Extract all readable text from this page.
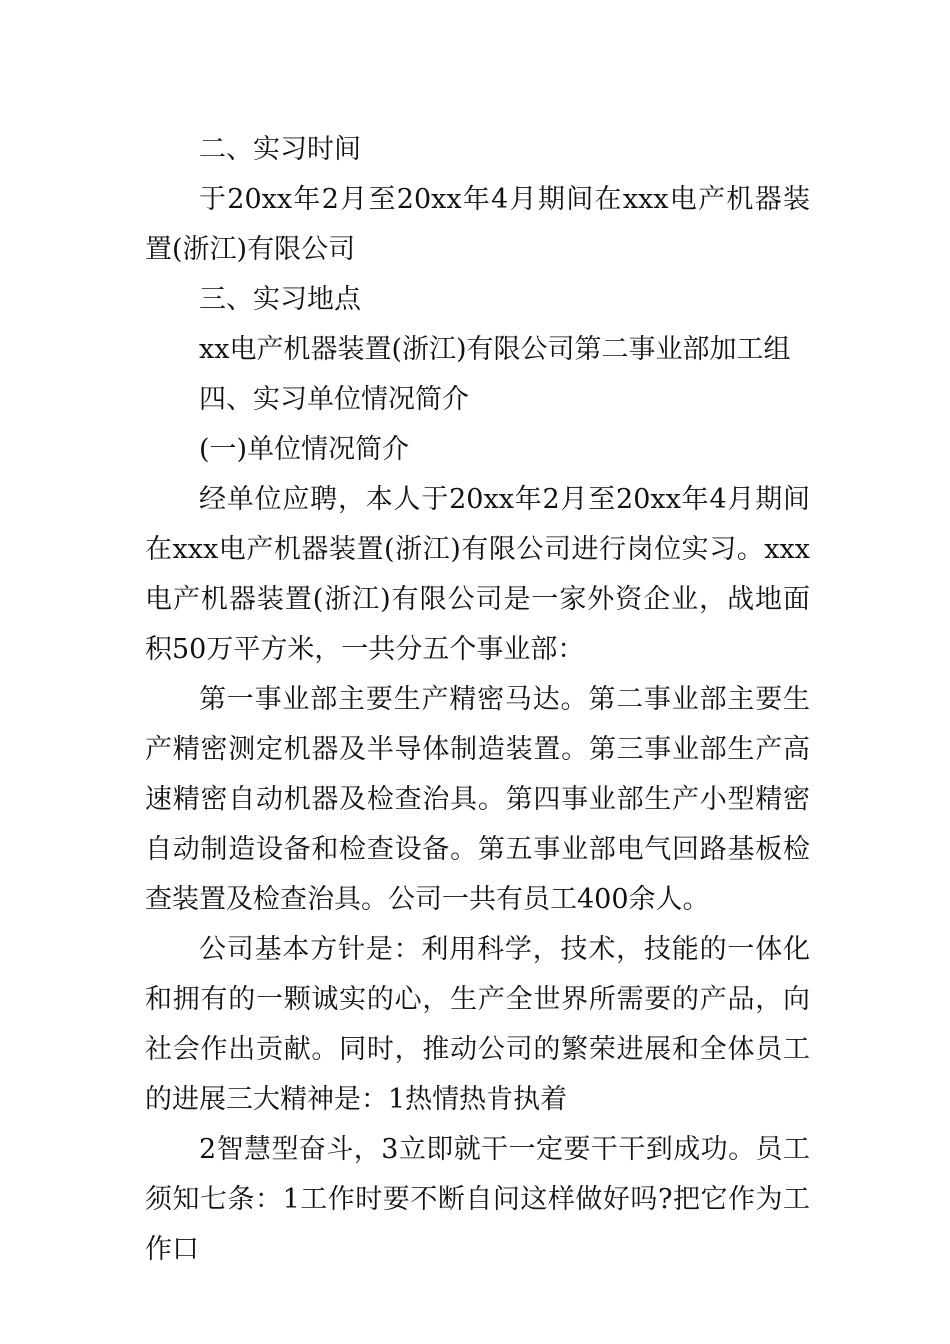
二、实习时间

于20xx年2月至20xx年4月期间在xxx电产机器装置(浙江)有限公司

三、实习地点

xx电产机器装置(浙江)有限公司第二事业部加工组

四、实习单位情况简介

(一)单位情况简介

经单位应聘，本人于20xx年2月至20xx年4月期间在xxx电产机器装置(浙江)有限公司进行岗位实习。xxx电产机器装置(浙江)有限公司是一家外资企业，战地面积50万平方米，一共分五个事业部：

第一事业部主要生产精密马达。第二事业部主要生产精密测定机器及半导体制造装置。第三事业部生产高速精密自动机器及检查治具。第四事业部生产小型精密自动制造设备和检查设备。第五事业部电气回路基板检查装置及检查治具。公司一共有员工400余人。

公司基本方针是：利用科学，技术，技能的一体化和拥有的一颗诚实的心，生产全世界所需要的产品，向社会作出贡献。同时，推动公司的繁荣进展和全体员工的进展三大精神是：1热情热肯执着

2智慧型奋斗，3立即就干一定要干干到成功。员工须知七条：1工作时要不断自问这样做好吗?把它作为工作口
